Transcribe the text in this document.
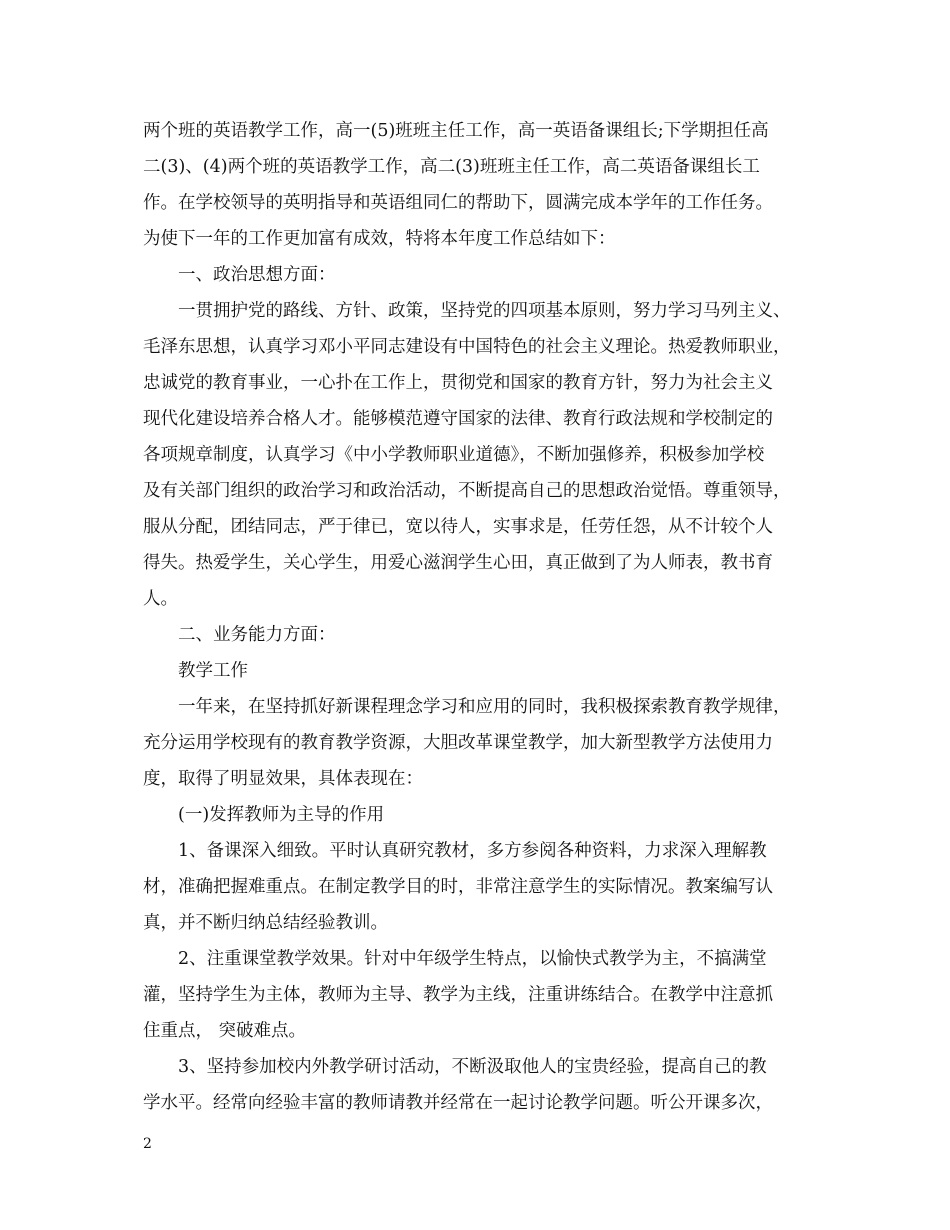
两个班的英语教学工作，高一(5)班班主任工作，高一英语备课组长;下学期担任高
二(3)、(4)两个班的英语教学工作，高二(3)班班主任工作，高二英语备课组长工
作。在学校领导的英明指导和英语组同仁的帮助下，圆满完成本学年的工作任务。
为使下一年的工作更加富有成效，特将本年度工作总结如下：
一、政治思想方面：
一贯拥护党的路线、方针、政策，坚持党的四项基本原则，努力学习马列主义、
毛泽东思想，认真学习邓小平同志建设有中国特色的社会主义理论。热爱教师职业，
忠诚党的教育事业，一心扑在工作上，贯彻党和国家的教育方针，努力为社会主义
现代化建设培养合格人才。能够模范遵守国家的法律、教育行政法规和学校制定的
各项规章制度，认真学习《中小学教师职业道德》，不断加强修养，积极参加学校
及有关部门组织的政治学习和政治活动，不断提高自己的思想政治觉悟。尊重领导，
服从分配，团结同志，严于律已，宽以待人，实事求是，任劳任怨，从不计较个人
得失。热爱学生，关心学生，用爱心滋润学生心田，真正做到了为人师表，教书育
人。
二、业务能力方面：
教学工作
一年来，在坚持抓好新课程理念学习和应用的同时，我积极探索教育教学规律，
充分运用学校现有的教育教学资源，大胆改革课堂教学，加大新型教学方法使用力
度，取得了明显效果，具体表现在：
(一)发挥教师为主导的作用
1、备课深入细致。平时认真研究教材，多方参阅各种资料，力求深入理解教
材，准确把握难重点。在制定教学目的时，非常注意学生的实际情况。教案编写认
真，并不断归纳总结经验教训。
2、注重课堂教学效果。针对中年级学生特点，以愉快式教学为主，不搞满堂
灌，坚持学生为主体，教师为主导、教学为主线，注重讲练结合。在教学中注意抓
住重点， 突破难点。
3、坚持参加校内外教学研讨活动，不断汲取他人的宝贵经验，提高自己的教
学水平。经常向经验丰富的教师请教并经常在一起讨论教学问题。听公开课多次，
2
